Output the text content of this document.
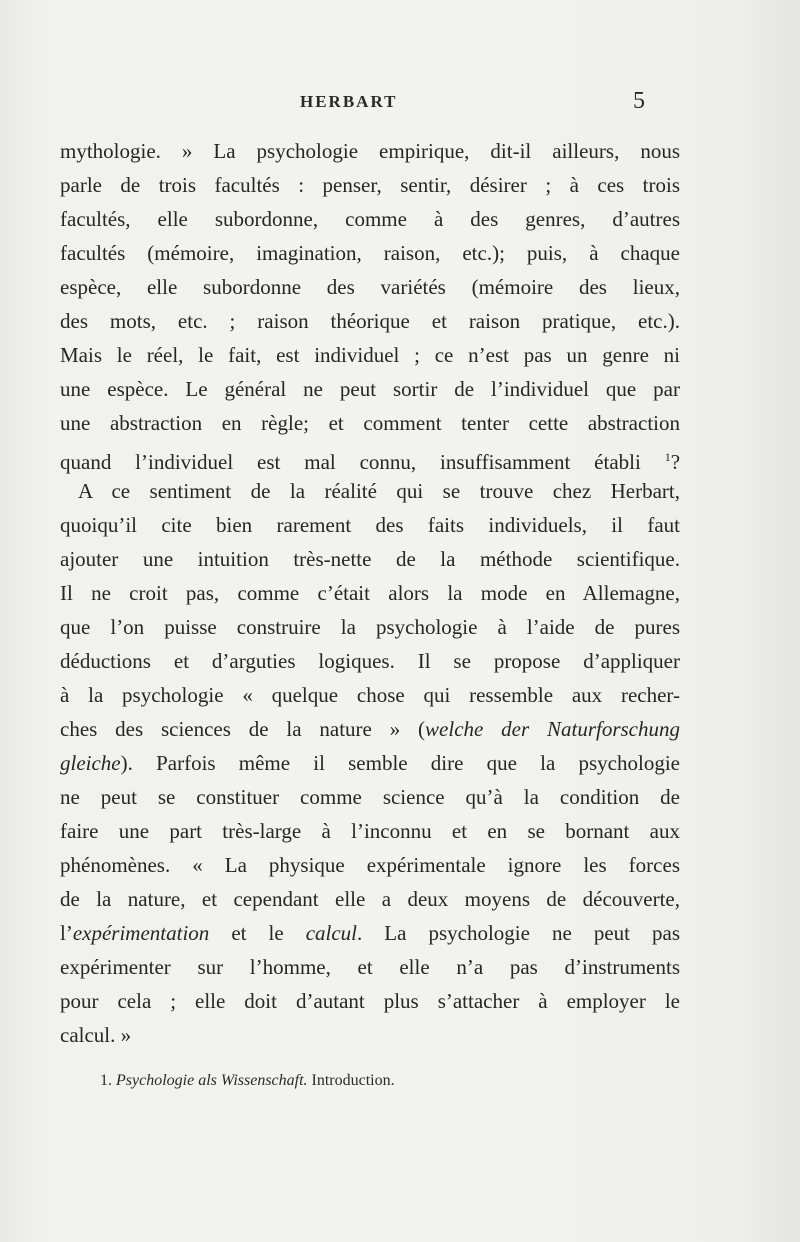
HERBART	5
mythologie. » La psychologie empirique, dit-il ailleurs, nous
parle de trois facultés : penser, sentir, désirer ; à ces trois
facultés, elle subordonne, comme à des genres, d’autres
facultés (mémoire, imagination, raison, etc.); puis, à chaque
espèce, elle subordonne des variétés (mémoire des lieux,
des mots, etc. ; raison théorique et raison pratique, etc.).
Mais le réel, le fait, est individuel ; ce n’est pas un genre ni
une espèce. Le général ne peut sortir de l’individuel que par
une abstraction en règle; et comment tenter cette abstraction
quand l’individuel est mal connu, insuffisamment établi $^1$?
A ce sentiment de la réalité qui se trouve chez Herbart,
quoiqu’il cite bien rarement des faits individuels, il faut
ajouter une intuition très-nette de la méthode scientifique.
Il ne croit pas, comme c’était alors la mode en Allemagne,
que l’on puisse construire la psychologie à l’aide de pures
déductions et d’arguties logiques. Il se propose d’appliquer
à la psychologie « quelque chose qui ressemble aux recher-
ches des sciences de la nature » (welche der Naturforschung
gleiche). Parfois même il semble dire que la psychologie
ne peut se constituer comme science qu’à la condition de
faire une part très-large à l’inconnu et en se bornant aux
phénomènes. « La physique expérimentale ignore les forces
de la nature, et cependant elle a deux moyens de découverte,
l’expérimentation et le calcul. La psychologie ne peut pas
expérimenter sur l’homme, et elle n’a pas d’instruments
pour cela ; elle doit d’autant plus s’attacher à employer le
calcul. »
1. Psychologie als Wissenschaft. Introduction.
